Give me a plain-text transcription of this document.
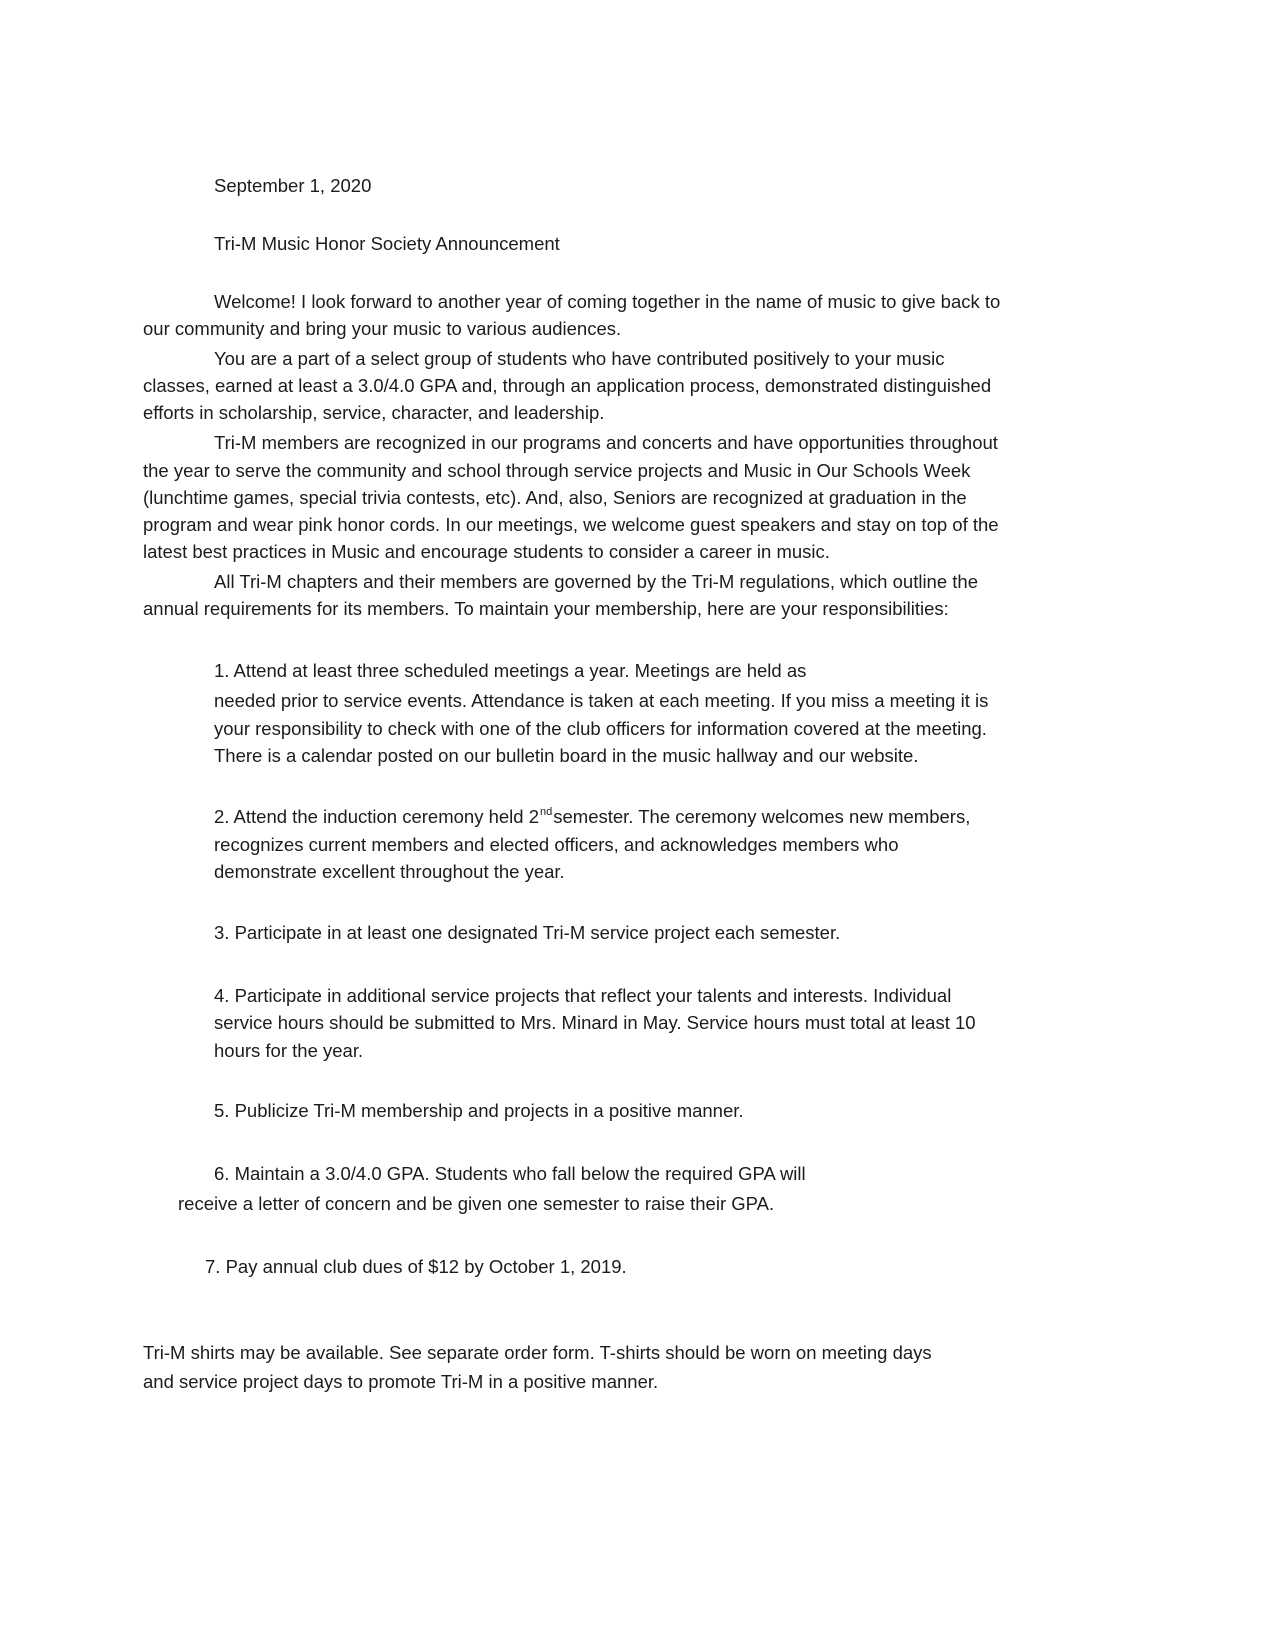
September 1, 2020
Tri-M Music Honor Society Announcement
Welcome! I look forward to another year of coming together in the name of music to give back to
our community and bring your music to various audiences.
You are a part of a select group of students who have contributed positively to your music
classes, earned at least a 3.0/4.0 GPA and, through an application process, demonstrated distinguished
efforts in scholarship, service, character, and leadership.
Tri-M members are recognized in our programs and concerts and have opportunities throughout
the year to serve the community and school through service projects and Music in Our Schools Week
(lunchtime games, special trivia contests, etc). And, also, Seniors are recognized at graduation in the
program and wear pink honor cords. In our meetings, we welcome guest speakers and stay on top of the
latest best practices in Music and encourage students to consider a career in music.
All Tri-M chapters and their members are governed by the Tri-M regulations, which outline the
annual requirements for its members. To maintain your membership, here are your responsibilities:
1. Attend at least three scheduled meetings a year. Meetings are held as
needed prior to service events. Attendance is taken at each meeting. If you miss a meeting it is
your responsibility to check with one of the club officers for information covered at the meeting.
There is a calendar posted on our bulletin board in the music hallway and our website.
2. Attend the induction ceremony held 2ndsemester. The ceremony welcomes new members,
recognizes current members and elected officers, and acknowledges members who
demonstrate excellent throughout the year.
3. Participate in at least one designated Tri-M service project each semester.
4. Participate in additional service projects that reflect your talents and interests. Individual
service hours should be submitted to Mrs. Minard in May. Service hours must total at least 10
hours for the year.
5. Publicize Tri-M membership and projects in a positive manner.
6. Maintain a 3.0/4.0 GPA. Students who fall below the required GPA will
receive a letter of concern and be given one semester to raise their GPA.
7. Pay annual club dues of $12 by October 1, 2019.
Tri-M shirts may be available. See separate order form. T-shirts should be worn on meeting days
and service project days to promote Tri-M in a positive manner.
